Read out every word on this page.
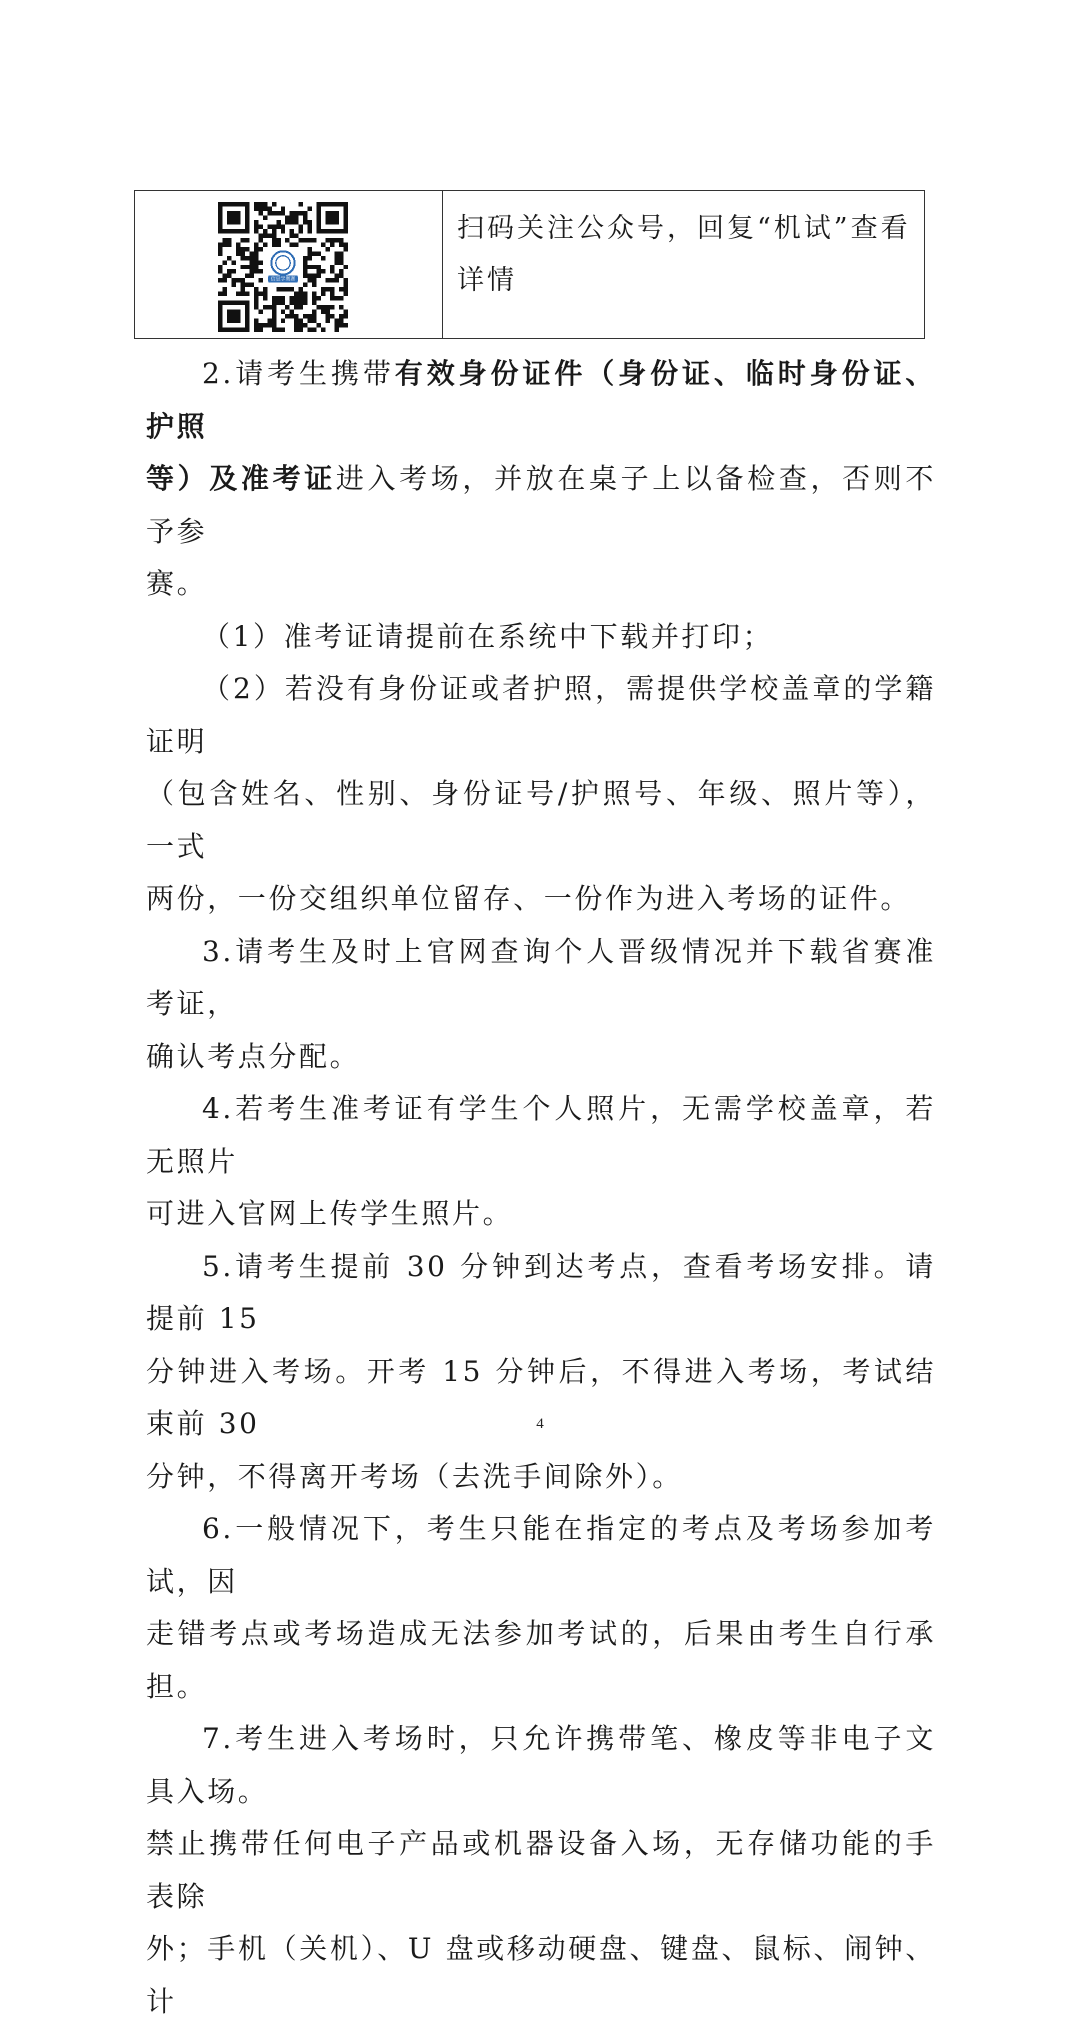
信息学奥赛
扫码关注公众号，回复“机试”查看详情

2.请考生携带有效身份证件（身份证、临时身份证、护照
等）及准考证进入考场，并放在桌子上以备检查，否则不予参
赛。

（1）准考证请提前在系统中下载并打印；

（2）若没有身份证或者护照，需提供学校盖章的学籍证明
（包含姓名、性别、身份证号/护照号、年级、照片等），一式
两份，一份交组织单位留存、一份作为进入考场的证件。

3.请考生及时上官网查询个人晋级情况并下载省赛准考证，
确认考点分配。

4.若考生准考证有学生个人照片，无需学校盖章，若无照片
可进入官网上传学生照片。

5.请考生提前 30 分钟到达考点，查看考场安排。请提前 15
分钟进入考场。开考 15 分钟后，不得进入考场，考试结束前 30
分钟，不得离开考场（去洗手间除外）。

6.一般情况下，考生只能在指定的考点及考场参加考试，因
走错考点或考场造成无法参加考试的，后果由考生自行承担。

7.考生进入考场时，只允许携带笔、橡皮等非电子文具入场。
禁止携带任何电子产品或机器设备入场，无存储功能的手表除
外；手机（关机）、U 盘或移动硬盘、键盘、鼠标、闹钟、计

4
